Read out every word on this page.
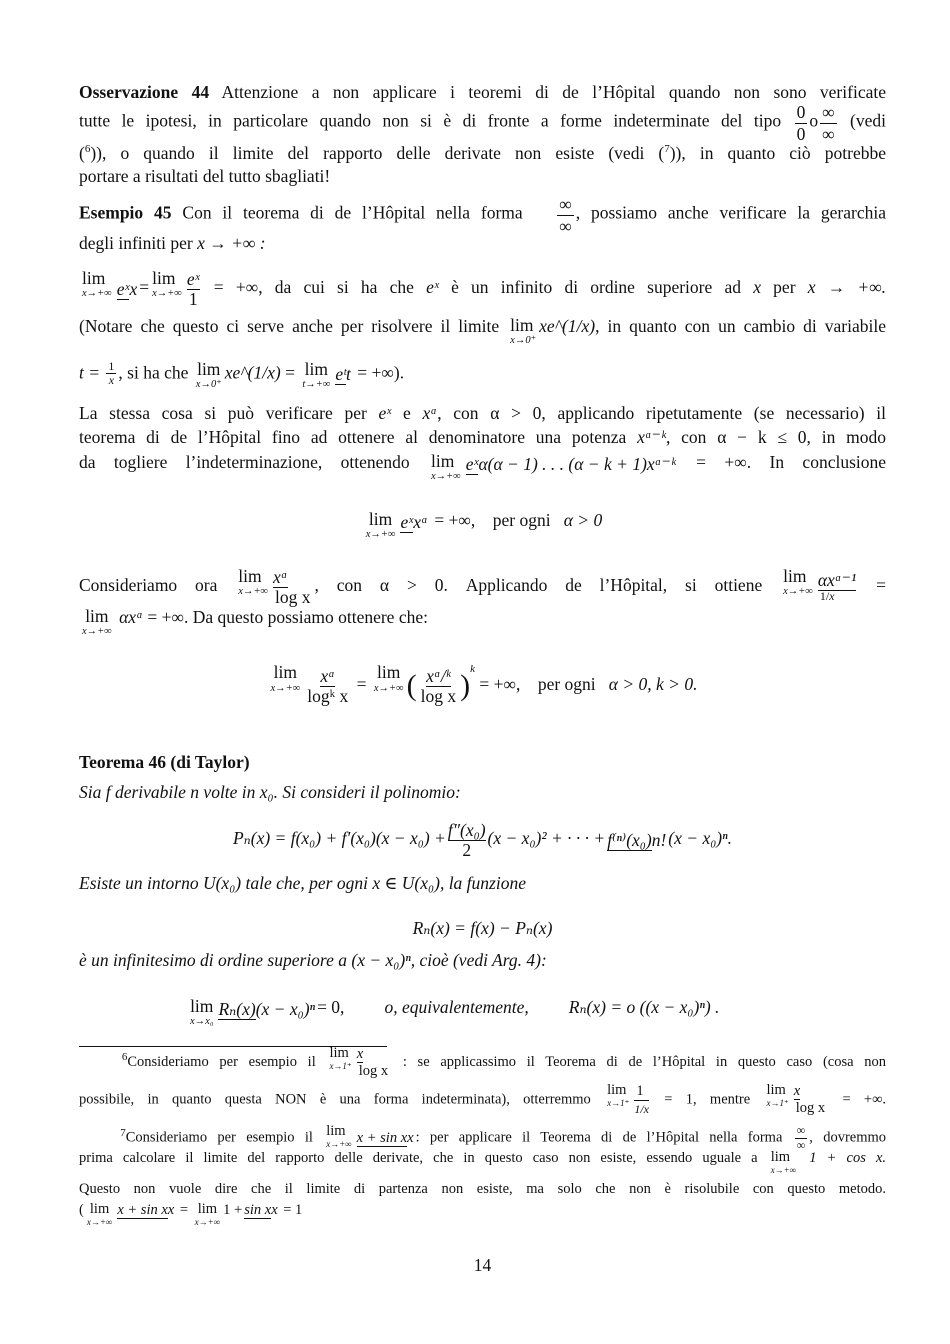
Osservazione 44 Attenzione a non applicare i teoremi di de l’Hôpital quando non sono verificate
tutte le ipotesi, in particolare quando non si è di fronte a forme indeterminate del tipo $\frac{0}{0}$ o ∞
∞
(vedi
($^6$)), o quando il limite del rapporto delle derivate non esiste (vedi ($^7$)), in quanto ciò potrebbe
portare a risultati del tutto sbagliati!
Esempio 45 Con il teorema di de l’Hôpital nella forma ∞
∞
, possiamo anche verificare la gerarchia
degli infiniti per x → +∞ :
lim
x→+∞ eˣx = lim
$x\to+\infty \frac{\text{eˣ}}{1}$ = +∞, da cui si ha che eˣ è un infinito di ordine superiore ad x per x → +∞.
(Notare che questo ci serve anche per risolvere il limite lim
x→0⁺
xe^(1/x), in quanto con un cambio di variabile
$t = \frac{1}{x}$ , si ha che lim
x→0⁺
xe^(1/x) = lim
t→+∞
eᵗt = +∞).
La stessa cosa si può verificare per eˣ e xᵅ, con α > 0, applicando ripetutamente (se necessario) il
teorema di de l’Hôpital fino ad ottenere al denominatore una potenza xᵅ⁻ᵏ, con α − k ≤ 0, in modo
da togliere l’indeterminazione, ottenendo lim
x→+∞
eˣα(α − 1) . . . (α − k + 1)xᵅ⁻ᵏ = +∞. In conclusione
lim
x→+∞
eˣxᵅ = +∞, per ogni α > 0
Consideriamo ora lim
$x\to+\infty \frac{\text{xᵅ}}{\text{log x}}$ , con α > 0. Applicando de l’Hôpital, si ottiene lim
x→+∞
αxᵅ⁻¹
1/x
=
lim
x→+∞
αxᵅ = +∞. Da questo possiamo ottenere che:
lim
$x\to+\infty \frac{\text{xᵅ}}{\text{logᵏ x}} = \lim$
x→+∞ ( $\frac{\text{xᵅ/ᵏ}}{\text{log x}} )^k$ = +∞, per ogni α > 0, k > 0.
Teorema 46 (di Taylor)
Sia f derivabile n volte in x₀. Si consideri il polinomio:
$P_n(x) = f(x_0) + f'(x_0)(x - x_0) + \frac{\text{f″(x₀)}}{2} (x - x_0)^2$ + · · · + f⁽ⁿ⁾(x₀)n! (x − x₀)ⁿ.
Esiste un intorno U(x₀) tale che, per ogni x ∈ U(x₀), la funzione
Rₙ(x) = f(x) − Pₙ(x)
è un infinitesimo di ordine superiore a (x − x₀)ⁿ, cioè (vedi Arg. 4):
lim
x→x₀
Rₙ(x)(x − x₀)ⁿ = 0, o, equivalentemente, Rₙ(x) = o ((x − x₀)ⁿ) .
$^6$Consideriamo per esempio il lim
$x\to 1^+ \frac{x}{\text{log x}}$ : se applicassimo il Teorema di de l’Hôpital in questo caso (cosa non
possibile, in quanto questa NON è una forma indeterminata), otterremmo lim
x→1⁺
1
1/x = 1, mentre lim
$x\to 1^+ \frac{x}{\text{log x}}$ = +∞.
$^7$Consideriamo per esempio il lim
x→+∞ x + sin xx : per applicare il Teorema di de l’Hôpital nella forma ∞
∞ , dovremmo
prima calcolare il limite del rapporto delle derivate, che in questo caso non esiste, essendo uguale a lim
x→+∞
1 + cos x.
Questo non vuole dire che il limite di partenza non esiste, ma solo che non è risolubile con questo metodo.
( lim
x→+∞
x + sin xx = lim
x→+∞
1 + sin xx = 1
14
